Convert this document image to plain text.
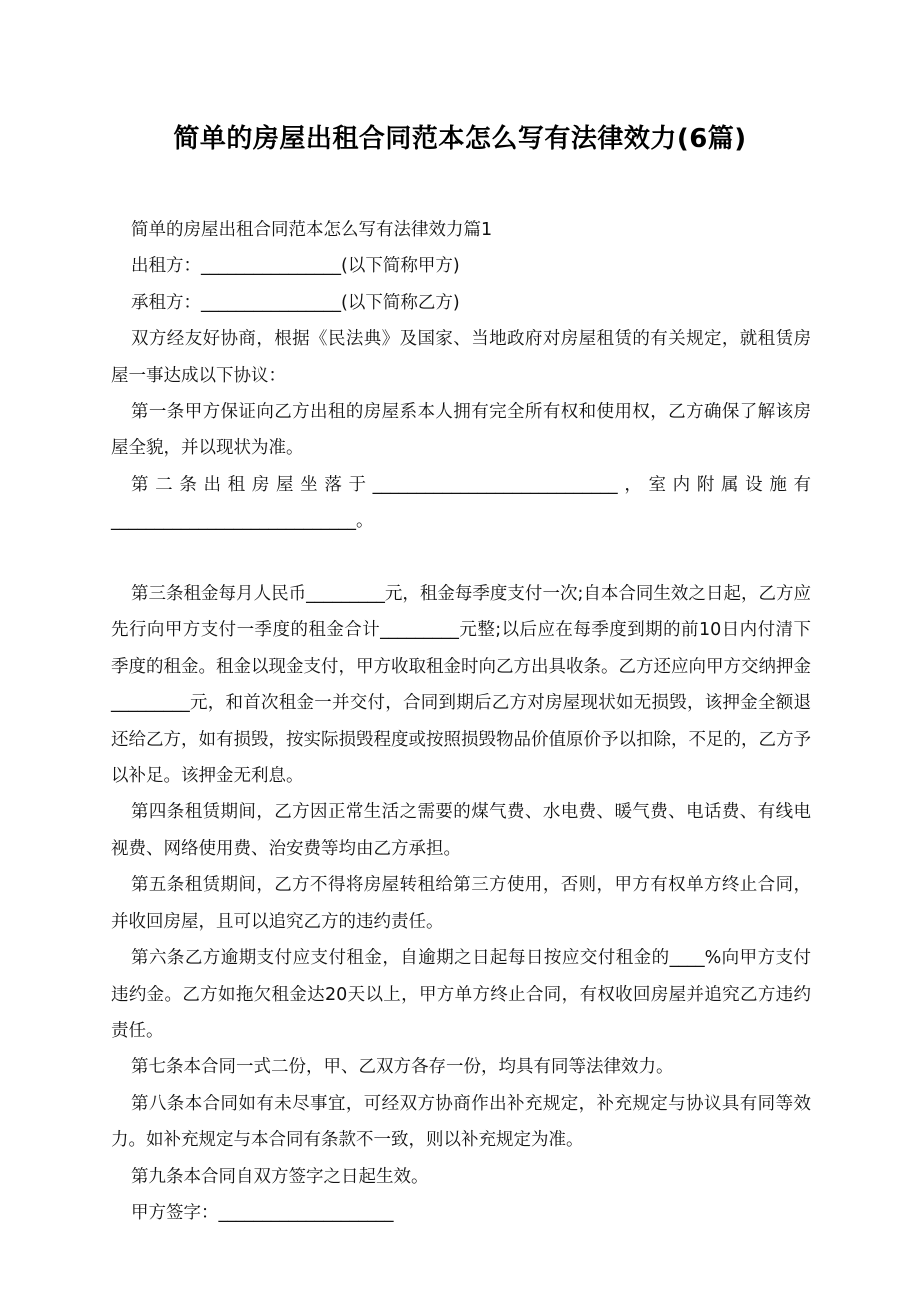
简单的房屋出租合同范本怎么写有法律效力(6篇)

简单的房屋出租合同范本怎么写有法律效力篇1

出租方：________________(以下简称甲方)

承租方：________________(以下简称乙方)

双方经友好协商，根据《民法典》及国家、当地政府对房屋租赁的有关规定，就租赁房屋一事达成以下协议：

第一条甲方保证向乙方出租的房屋系本人拥有完全所有权和使用权，乙方确保了解该房屋全貌，并以现状为准。

第二条出租房屋坐落于____________________________，室内附属设施有

____________________________。

第三条租金每月人民币_________元，租金每季度支付一次;自本合同生效之日起，乙方应先行向甲方支付一季度的租金合计_________元整;以后应在每季度到期的前10日内付清下季度的租金。租金以现金支付，甲方收取租金时向乙方出具收条。乙方还应向甲方交纳押金_________元，和首次租金一并交付，合同到期后乙方对房屋现状如无损毁，该押金全额退还给乙方，如有损毁，按实际损毁程度或按照损毁物品价值原价予以扣除，不足的，乙方予以补足。该押金无利息。

第四条租赁期间，乙方因正常生活之需要的煤气费、水电费、暖气费、电话费、有线电视费、网络使用费、治安费等均由乙方承担。

第五条租赁期间，乙方不得将房屋转租给第三方使用，否则，甲方有权单方终止合同，并收回房屋，且可以追究乙方的违约责任。

第六条乙方逾期支付应支付租金，自逾期之日起每日按应交付租金的____%向甲方支付违约金。乙方如拖欠租金达20天以上，甲方单方终止合同，有权收回房屋并追究乙方违约责任。

第七条本合同一式二份，甲、乙双方各存一份，均具有同等法律效力。

第八条本合同如有未尽事宜，可经双方协商作出补充规定，补充规定与协议具有同等效力。如补充规定与本合同有条款不一致，则以补充规定为准。

第九条本合同自双方签字之日起生效。

甲方签字：____________________
